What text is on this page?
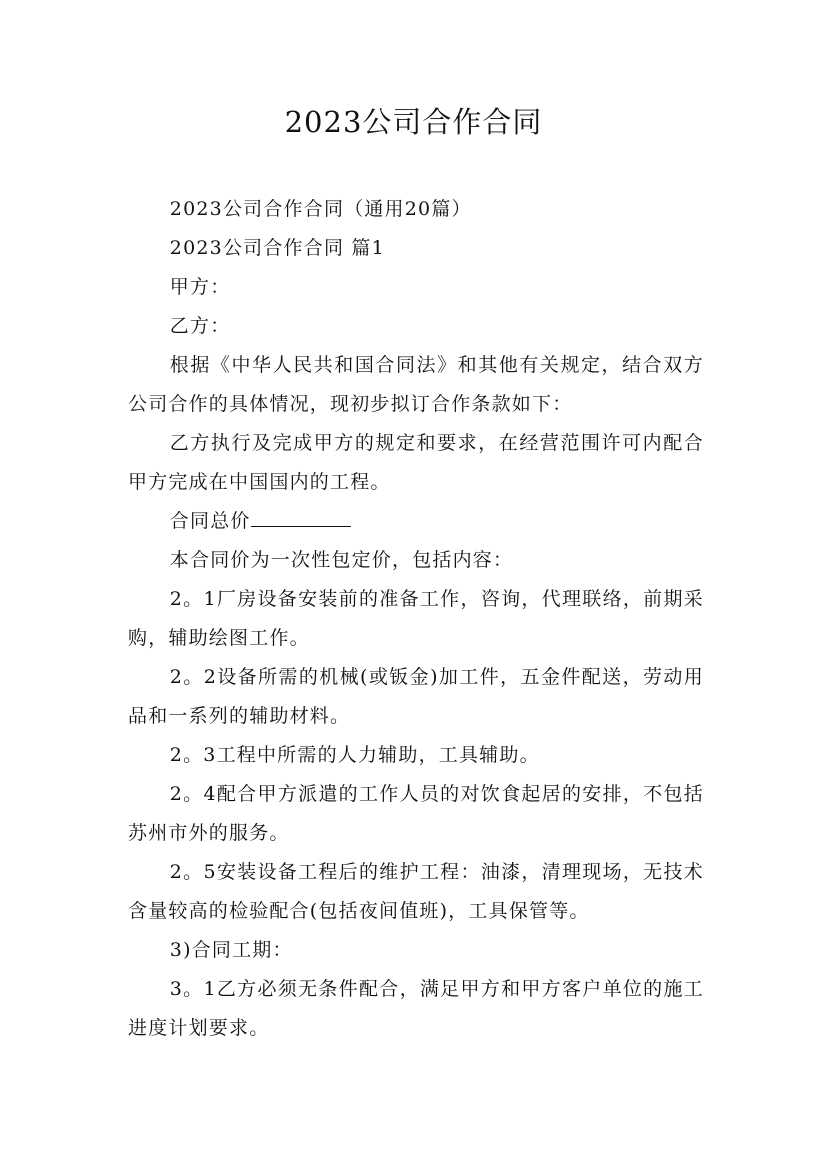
2023公司合作合同

2023公司合作合同（通用20篇）

2023公司合作合同 篇1

甲方：

乙方：

根据《中华人民共和国合同法》和其他有关规定，结合双方公司合作的具体情况，现初步拟订合作条款如下：

乙方执行及完成甲方的规定和要求，在经营范围许可内配合甲方完成在中国国内的工程。

合同总价

本合同价为一次性包定价，包括内容：

2。1厂房设备安装前的准备工作，咨询，代理联络，前期采购，辅助绘图工作。

2。2设备所需的机械(或钣金)加工件，五金件配送，劳动用品和一系列的辅助材料。

2。3工程中所需的人力辅助，工具辅助。

2。4配合甲方派遣的工作人员的对饮食起居的安排，不包括苏州市外的服务。

2。5安装设备工程后的维护工程：油漆，清理现场，无技术含量较高的检验配合(包括夜间值班)，工具保管等。

3)合同工期：

3。1乙方必须无条件配合，满足甲方和甲方客户单位的施工进度计划要求。
